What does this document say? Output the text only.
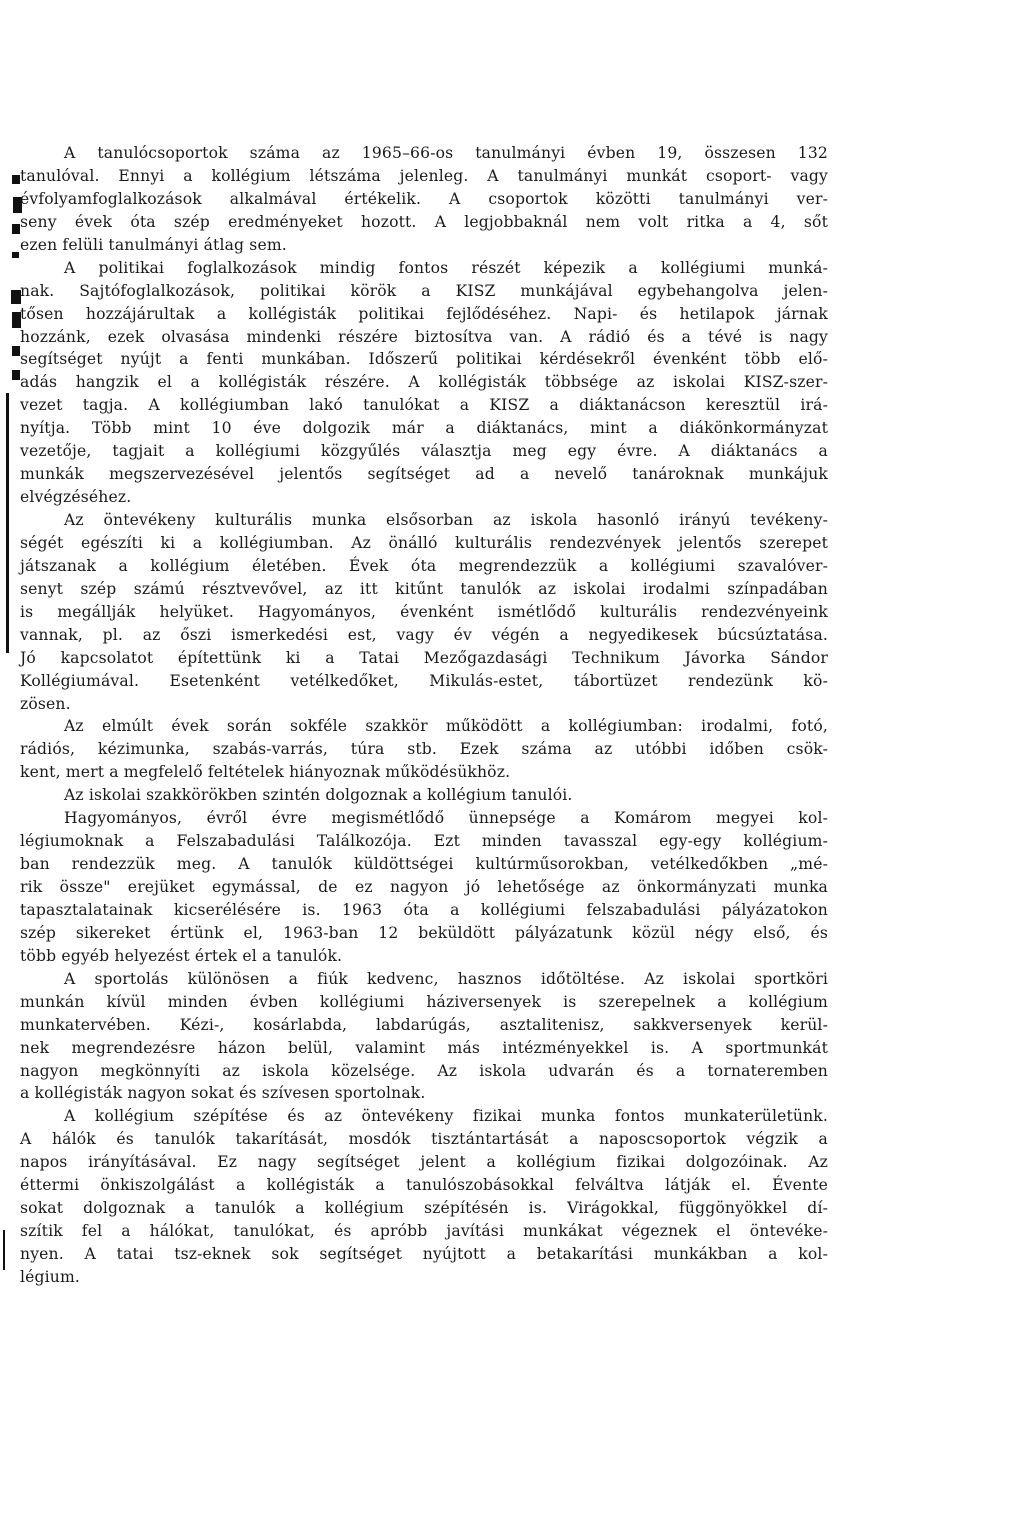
A tanulócsoportok száma az 1965–66-os tanulmányi évben 19, összesen 132
tanulóval. Ennyi a kollégium létszáma jelenleg. A tanulmányi munkát csoport- vagy
évfolyamfoglalkozások alkalmával értékelik. A csoportok közötti tanulmányi ver-
seny évek óta szép eredményeket hozott. A legjobbaknál nem volt ritka a 4, sőt
ezen felüli tanulmányi átlag sem.
A politikai foglalkozások mindig fontos részét képezik a kollégiumi munká-
nak. Sajtófoglalkozások, politikai körök a KISZ munkájával egybehangolva jelen-
tősen hozzájárultak a kollégisták politikai fejlődéséhez. Napi- és hetilapok járnak
hozzánk, ezek olvasása mindenki részére biztosítva van. A rádió és a tévé is nagy
segítséget nyújt a fenti munkában. Időszerű politikai kérdésekről évenként több elő-
adás hangzik el a kollégisták részére. A kollégisták többsége az iskolai KISZ-szer-
vezet tagja. A kollégiumban lakó tanulókat a KISZ a diáktanácson keresztül irá-
nyítja. Több mint 10 éve dolgozik már a diáktanács, mint a diákönkormányzat
vezetője, tagjait a kollégiumi közgyűlés választja meg egy évre. A diáktanács a
munkák megszervezésével jelentős segítséget ad a nevelő tanároknak munkájuk
elvégzéséhez.
Az öntevékeny kulturális munka elsősorban az iskola hasonló irányú tevékeny-
ségét egészíti ki a kollégiumban. Az önálló kulturális rendezvények jelentős szerepet
játszanak a kollégium életében. Évek óta megrendezzük a kollégiumi szavalóver-
senyt szép számú résztvevővel, az itt kitűnt tanulók az iskolai irodalmi színpadában
is megállják helyüket. Hagyományos, évenként ismétlődő kulturális rendezvényeink
vannak, pl. az őszi ismerkedési est, vagy év végén a negyedikesek búcsúztatása.
Jó kapcsolatot építettünk ki a Tatai Mezőgazdasági Technikum Jávorka Sándor
Kollégiumával. Esetenként vetélkedőket, Mikulás-estet, tábortüzet rendezünk kö-
zösen.
Az elmúlt évek során sokféle szakkör működött a kollégiumban: irodalmi, fotó,
rádiós, kézimunka, szabás-varrás, túra stb. Ezek száma az utóbbi időben csök-
kent, mert a megfelelő feltételek hiányoznak működésükhöz.
Az iskolai szakkörökben szintén dolgoznak a kollégium tanulói.
Hagyományos, évről évre megismétlődő ünnepsége a Komárom megyei kol-
légiumoknak a Felszabadulási Találkozója. Ezt minden tavasszal egy-egy kollégium-
ban rendezzük meg. A tanulók küldöttségei kultúrműsorokban, vetélkedőkben „mé-
rik össze" erejüket egymással, de ez nagyon jó lehetősége az önkormányzati munka
tapasztalatainak kicserélésére is. 1963 óta a kollégiumi felszabadulási pályázatokon
szép sikereket értünk el, 1963-ban 12 beküldött pályázatunk közül négy első, és
több egyéb helyezést értek el a tanulók.
A sportolás különösen a fiúk kedvenc, hasznos időtöltése. Az iskolai sportköri
munkán kívül minden évben kollégiumi háziversenyek is szerepelnek a kollégium
munkatervében. Kézi-, kosárlabda, labdarúgás, asztalitenisz, sakkversenyek kerül-
nek megrendezésre házon belül, valamint más intézményekkel is. A sportmunkát
nagyon megkönnyíti az iskola közelsége. Az iskola udvarán és a tornateremben
a kollégisták nagyon sokat és szívesen sportolnak.
A kollégium szépítése és az öntevékeny fizikai munka fontos munkaterületünk.
A hálók és tanulók takarítását, mosdók tisztántartását a naposcsoportok végzik a
napos irányításával. Ez nagy segítséget jelent a kollégium fizikai dolgozóinak. Az
éttermi önkiszolgálást a kollégisták a tanulószobásokkal felváltva látják el. Évente
sokat dolgoznak a tanulók a kollégium szépítésén is. Virágokkal, függönyökkel dí-
szítik fel a hálókat, tanulókat, és apróbb javítási munkákat végeznek el öntevéke-
nyen. A tatai tsz-eknek sok segítséget nyújtott a betakarítási munkákban a kol-
légium.
